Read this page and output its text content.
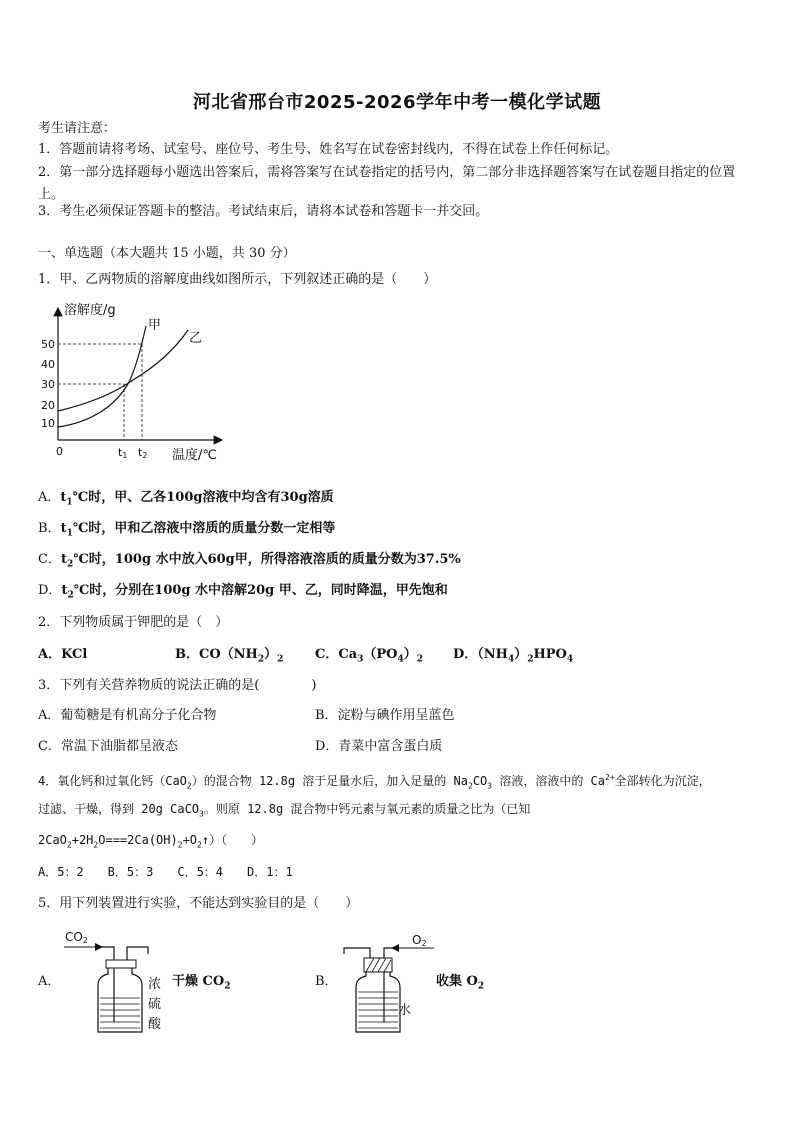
河北省邢台市2025-2026学年中考一模化学试题
考生请注意：
1．答题前请将考场、试室号、座位号、考生号、姓名写在试卷密封线内，不得在试卷上作任何标记。
2．第一部分选择题每小题选出答案后，需将答案写在试卷指定的括号内，第二部分非选择题答案写在试卷题目指定的位置上。
3．考生必须保证答题卡的整洁。考试结束后，请将本试卷和答题卡一并交回。
一、单选题（本大题共 15 小题，共 30 分）
1．甲、乙两物质的溶解度曲线如图所示，下列叙述正确的是（　　）
溶解度/g
温度/℃
0
50
40
30
20
10
甲
乙
t1 t2
A．$t_1℃$时，甲、乙各100g溶液中均含有30g溶质
B．$t_1℃$时，甲和乙溶液中溶质的质量分数一定相等
C．$t_2℃$时，100g 水中放入60g甲，所得溶液溶质的质量分数为37.5%
D．$t_2℃$时，分别在100g 水中溶解20g 甲、乙，同时降温，甲先饱和
2．下列物质属于钾肥的是（　）
A．KCl	B．$CO(NH_2)_2$ C．$Ca_3(PO_4)_2$ D．$(NH_4)_2HPO_4$
3．下列有关营养物质的说法正确的是(　　　　)
A．葡萄糖是有机高分子化合物	B．淀粉与碘作用呈蓝色
C．常温下油脂都呈液态	D．青菜中富含蛋白质
4．氧化钙和过氧化钙（CaO$_2$）的混合物 12.8g 溶于足量水后，加入足量的 $Na_2CO_3$ 溶液，溶液中的 $Ca^{2+}$全部转化为沉淀，
过滤、干燥，得到 20g CaCO$_3$。则原 12.8g 混合物中钙元素与氧元素的质量之比为（已知
$2CaO_2+2H_2O===2Ca(OH)_2+O_2↑$）（　　）
A．5：2　　B．5：3　　C．5：4　　D．1：1
5．用下列装置进行实验，不能达到实验目的是（　　）
A．
CO2
浓
硫
酸
干燥 $CO_2$	B．
O2
水
收集 $O_2$
